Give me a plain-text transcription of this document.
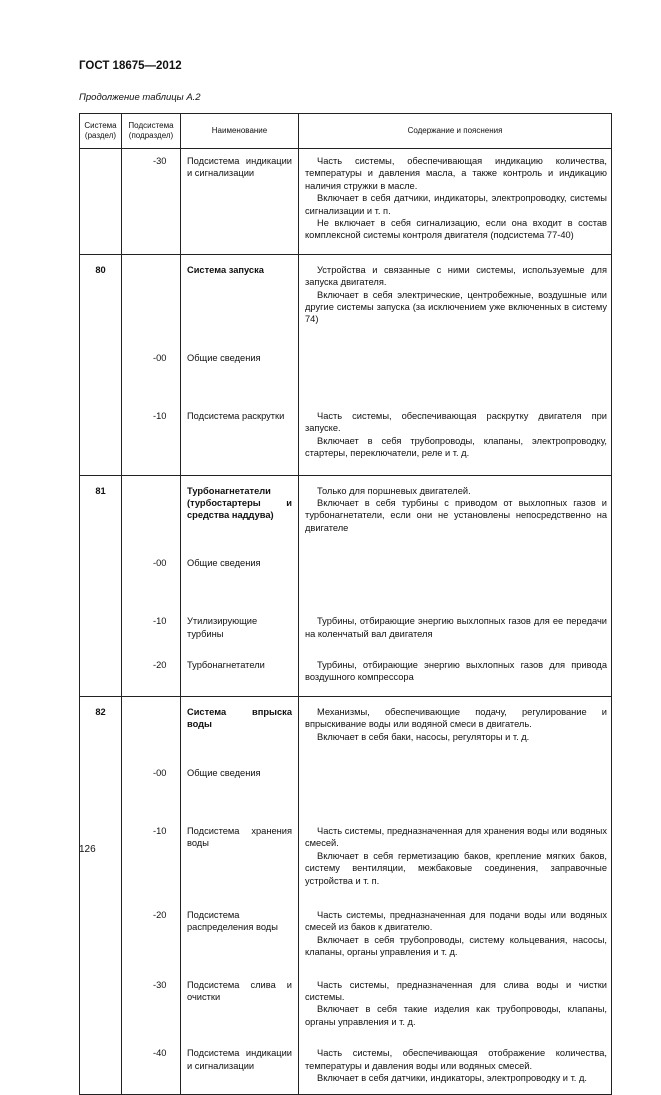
ГОСТ 18675—2012
Продолжение таблицы А.2
Система (раздел)	Подсистема (подраздел)	Наименование	Содержание и пояснения
	-30	Подсистема индикации и сигнализации	Часть системы, обеспечивающая индикацию количества, температуры и давления масла, а также контроль и индикацию наличия стружки в масле.
Включает в себя датчики, индикаторы, электропроводку, системы сигнализации и т. п.
Не включает в себя сигнализацию, если она входит в состав комплексной системы контроля двигателя (подсистема 77-40)

80		Система запуска	Устройства и связанные с ними системы, используемые для запуска двигателя.
Включает в себя электрические, центробежные, воздушные или другие системы запуска (за исключением уже включенных в систему 74)

	-00	Общие сведения	
	-10	Подсистема раскрутки	Часть системы, обеспечивающая раскрутку двигателя при запуске.
Включает в себя трубопроводы, клапаны, электропроводку, стартеры, переключатели, реле и т. д.

81		Турбонагнетатели (турбостартеры и средства наддува)	Только для поршневых двигателей.
Включает в себя турбины с приводом от выхлопных газов и турбонагнетатели, если они не установлены непосредственно на двигателе

	-00	Общие сведения	
	-10	Утилизирующие турбины	Турбины, отбирающие энергию выхлопных газов для ее передачи на коленчатый вал двигателя

	-20	Турбонагнетатели	Турбины, отбирающие энергию выхлопных газов для привода воздушного компрессора

82		Система впрыска воды	Механизмы, обеспечивающие подачу, регулирование и впрыскивание воды или водяной смеси в двигатель.
Включает в себя баки, насосы, регуляторы и т. д.

	-00	Общие сведения	
	-10	Подсистема хранения воды	Часть системы, предназначенная для хранения воды или водяных смесей.
Включает в себя герметизацию баков, крепление мягких баков, систему вентиляции, межбаковые соединения, заправочные устройства и т. п.

	-20	Подсистема распределения воды	Часть системы, предназначенная для подачи воды или водяных смесей из баков к двигателю.
Включает в себя трубопроводы, систему кольцевания, насосы, клапаны, органы управления и т. д.

	-30	Подсистема слива и очистки	Часть системы, предназначенная для слива воды и чистки системы.
Включает в себя такие изделия как трубопроводы, клапаны, органы управления и т. д.

	-40	Подсистема индикации и сигнализации	Часть системы, обеспечивающая отображение количества, температуры и давления воды или водяных смесей.
Включает в себя датчики, индикаторы, электропроводку и т. д.
126
